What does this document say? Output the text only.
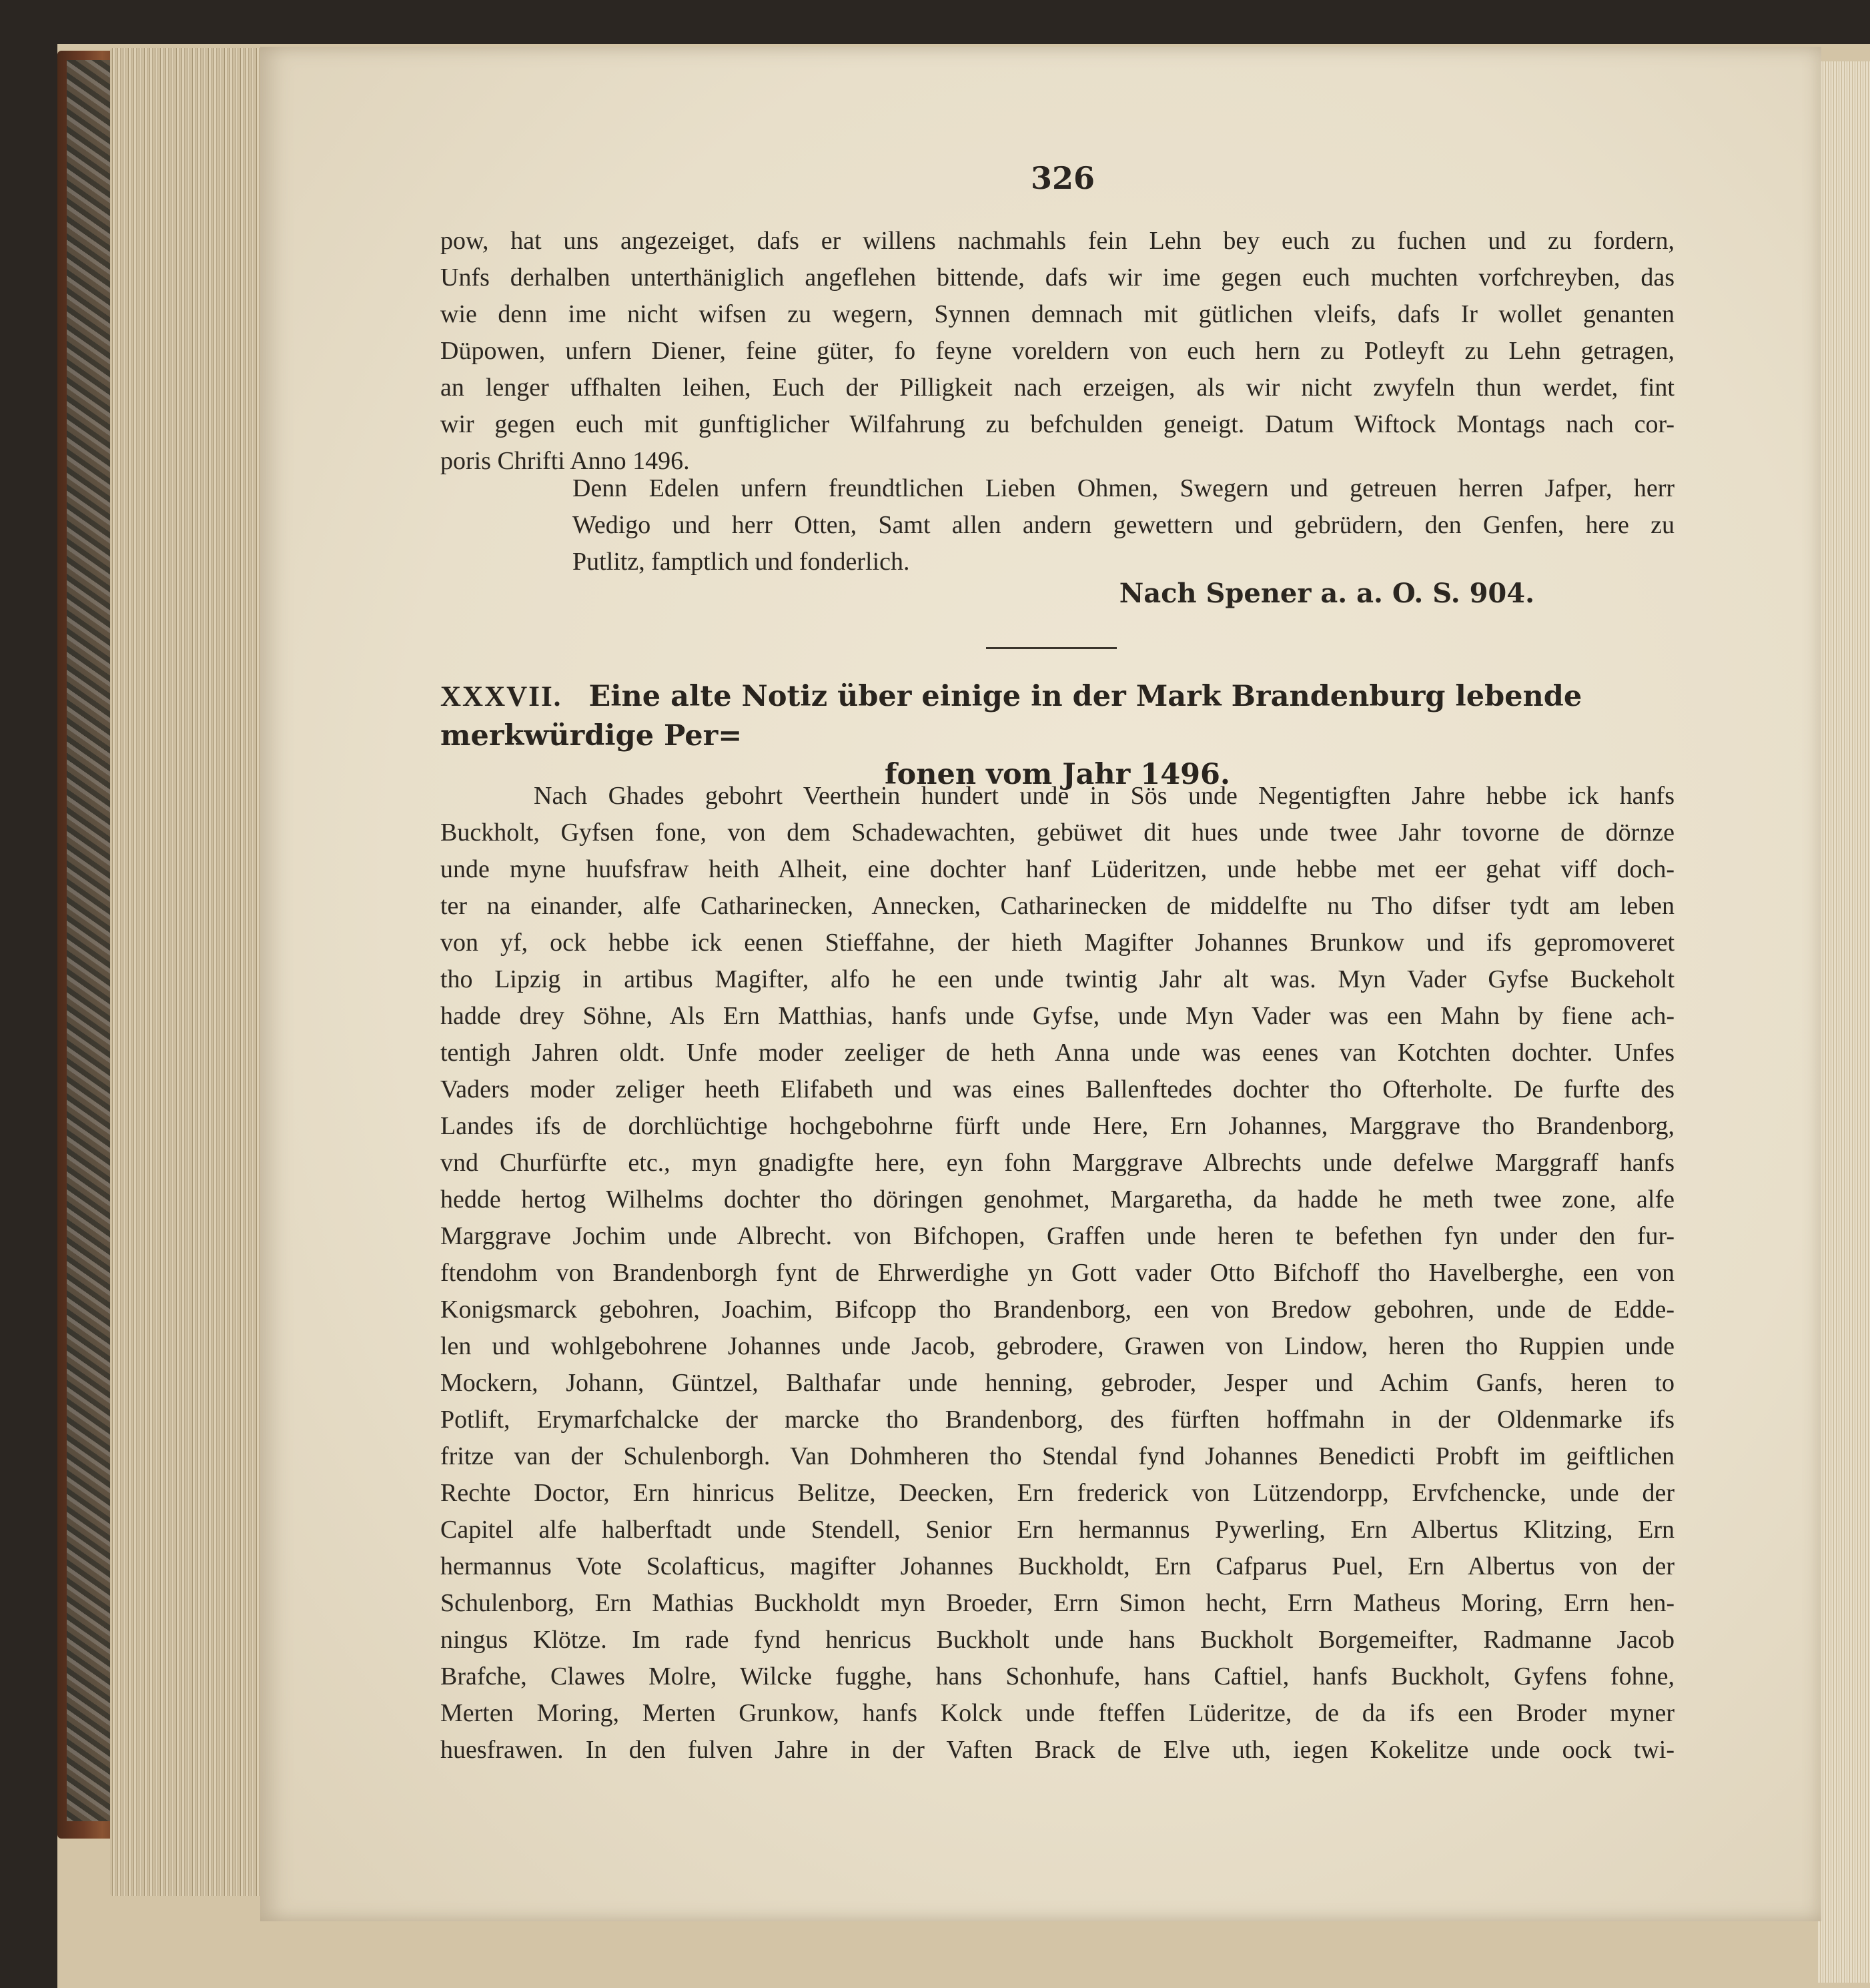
326

pow, hat uns angezeiget, dafs er willens nachmahls fein Lehn bey euch zu fuchen und zu fordern,
Unfs derhalben unterthäniglich angeflehen bittende, dafs wir ime gegen euch muchten vorfchreyben, das
wie denn ime nicht wifsen zu wegern, Synnen demnach mit gütlichen vleifs, dafs Ir wollet genanten
Düpowen, unfern Diener, feine güter, fo feyne voreldern von euch hern zu Potleyft zu Lehn getragen,
an lenger uffhalten leihen, Euch der Pilligkeit nach erzeigen, als wir nicht zwyfeln thun werdet, fint
wir gegen euch mit gunftiglicher Wilfahrung zu befchulden geneigt. Datum Wiftock Montags nach cor-
poris Chrifti Anno 1496.

Denn Edelen unfern freundtlichen Lieben Ohmen, Swegern und getreuen herren Jafper, herr
Wedigo und herr Otten, Samt allen andern gewettern und gebrüdern, den Genfen, here zu
Putlitz, famptlich und fonderlich.

Nach Spener a. a. O. S. 904.
XXXVII. Eine alte Notiz über einige in der Mark Brandenburg lebende merkwürdige Per=
fonen vom Jahr 1496.

Nach Ghades gebohrt Veerthein hundert unde in Sös unde Negentigften Jahre hebbe ick hanfs
Buckholt, Gyfsen fone, von dem Schadewachten, gebüwet dit hues unde twee Jahr tovorne de dörnze
unde myne huufsfraw heith Alheit, eine dochter hanf Lüderitzen, unde hebbe met eer gehat viff doch-
ter na einander, alfe Catharinecken, Annecken, Catharinecken de middelfte nu Tho difser tydt am leben
von yf, ock hebbe ick eenen Stieffahne, der hieth Magifter Johannes Brunkow und ifs gepromoveret
tho Lipzig in artibus Magifter, alfo he een unde twintig Jahr alt was. Myn Vader Gyfse Buckeholt
hadde drey Söhne, Als Ern Matthias, hanfs unde Gyfse, unde Myn Vader was een Mahn by fiene ach-
tentigh Jahren oldt. Unfe moder zeeliger de heth Anna unde was eenes van Kotchten dochter. Unfes
Vaders moder zeliger heeth Elifabeth und was eines Ballenftedes dochter tho Ofterholte. De furfte des
Landes ifs de dorchlüchtige hochgebohrne fürft unde Here, Ern Johannes, Marggrave tho Brandenborg,
vnd Churfürfte etc., myn gnadigfte here, eyn fohn Marggrave Albrechts unde defelwe Marggraff hanfs
hedde hertog Wilhelms dochter tho döringen genohmet, Margaretha, da hadde he meth twee zone, alfe
Marggrave Jochim unde Albrecht. von Bifchopen, Graffen unde heren te befethen fyn under den fur-
ftendohm von Brandenborgh fynt de Ehrwerdighe yn Gott vader Otto Bifchoff tho Havelberghe, een von
Konigsmarck gebohren, Joachim, Bifcopp tho Brandenborg, een von Bredow gebohren, unde de Edde-
len und wohlgebohrene Johannes unde Jacob, gebrodere, Grawen von Lindow, heren tho Ruppien unde
Mockern, Johann, Güntzel, Balthafar unde henning, gebroder, Jesper und Achim Ganfs, heren to
Potlift, Erymarfchalcke der marcke tho Brandenborg, des fürften hoffmahn in der Oldenmarke ifs
fritze van der Schulenborgh. Van Dohmheren tho Stendal fynd Johannes Benedicti Probft im geiftlichen
Rechte Doctor, Ern hinricus Belitze, Deecken, Ern frederick von Lützendorpp, Ervfchencke, unde der
Capitel alfe halberftadt unde Stendell, Senior Ern hermannus Pywerling, Ern Albertus Klitzing, Ern
hermannus Vote Scolafticus, magifter Johannes Buckholdt, Ern Cafparus Puel, Ern Albertus von der
Schulenborg, Ern Mathias Buckholdt myn Broeder, Errn Simon hecht, Errn Matheus Moring, Errn hen-
ningus Klötze. Im rade fynd henricus Buckholt unde hans Buckholt Borgemeifter, Radmanne Jacob
Brafche, Clawes Molre, Wilcke fugghe, hans Schonhufe, hans Caftiel, hanfs Buckholt, Gyfens fohne,
Merten Moring, Merten Grunkow, hanfs Kolck unde fteffen Lüderitze, de da ifs een Broder myner
huesfrawen. In den fulven Jahre in der Vaften Brack de Elve uth, iegen Kokelitze unde oock twi-
